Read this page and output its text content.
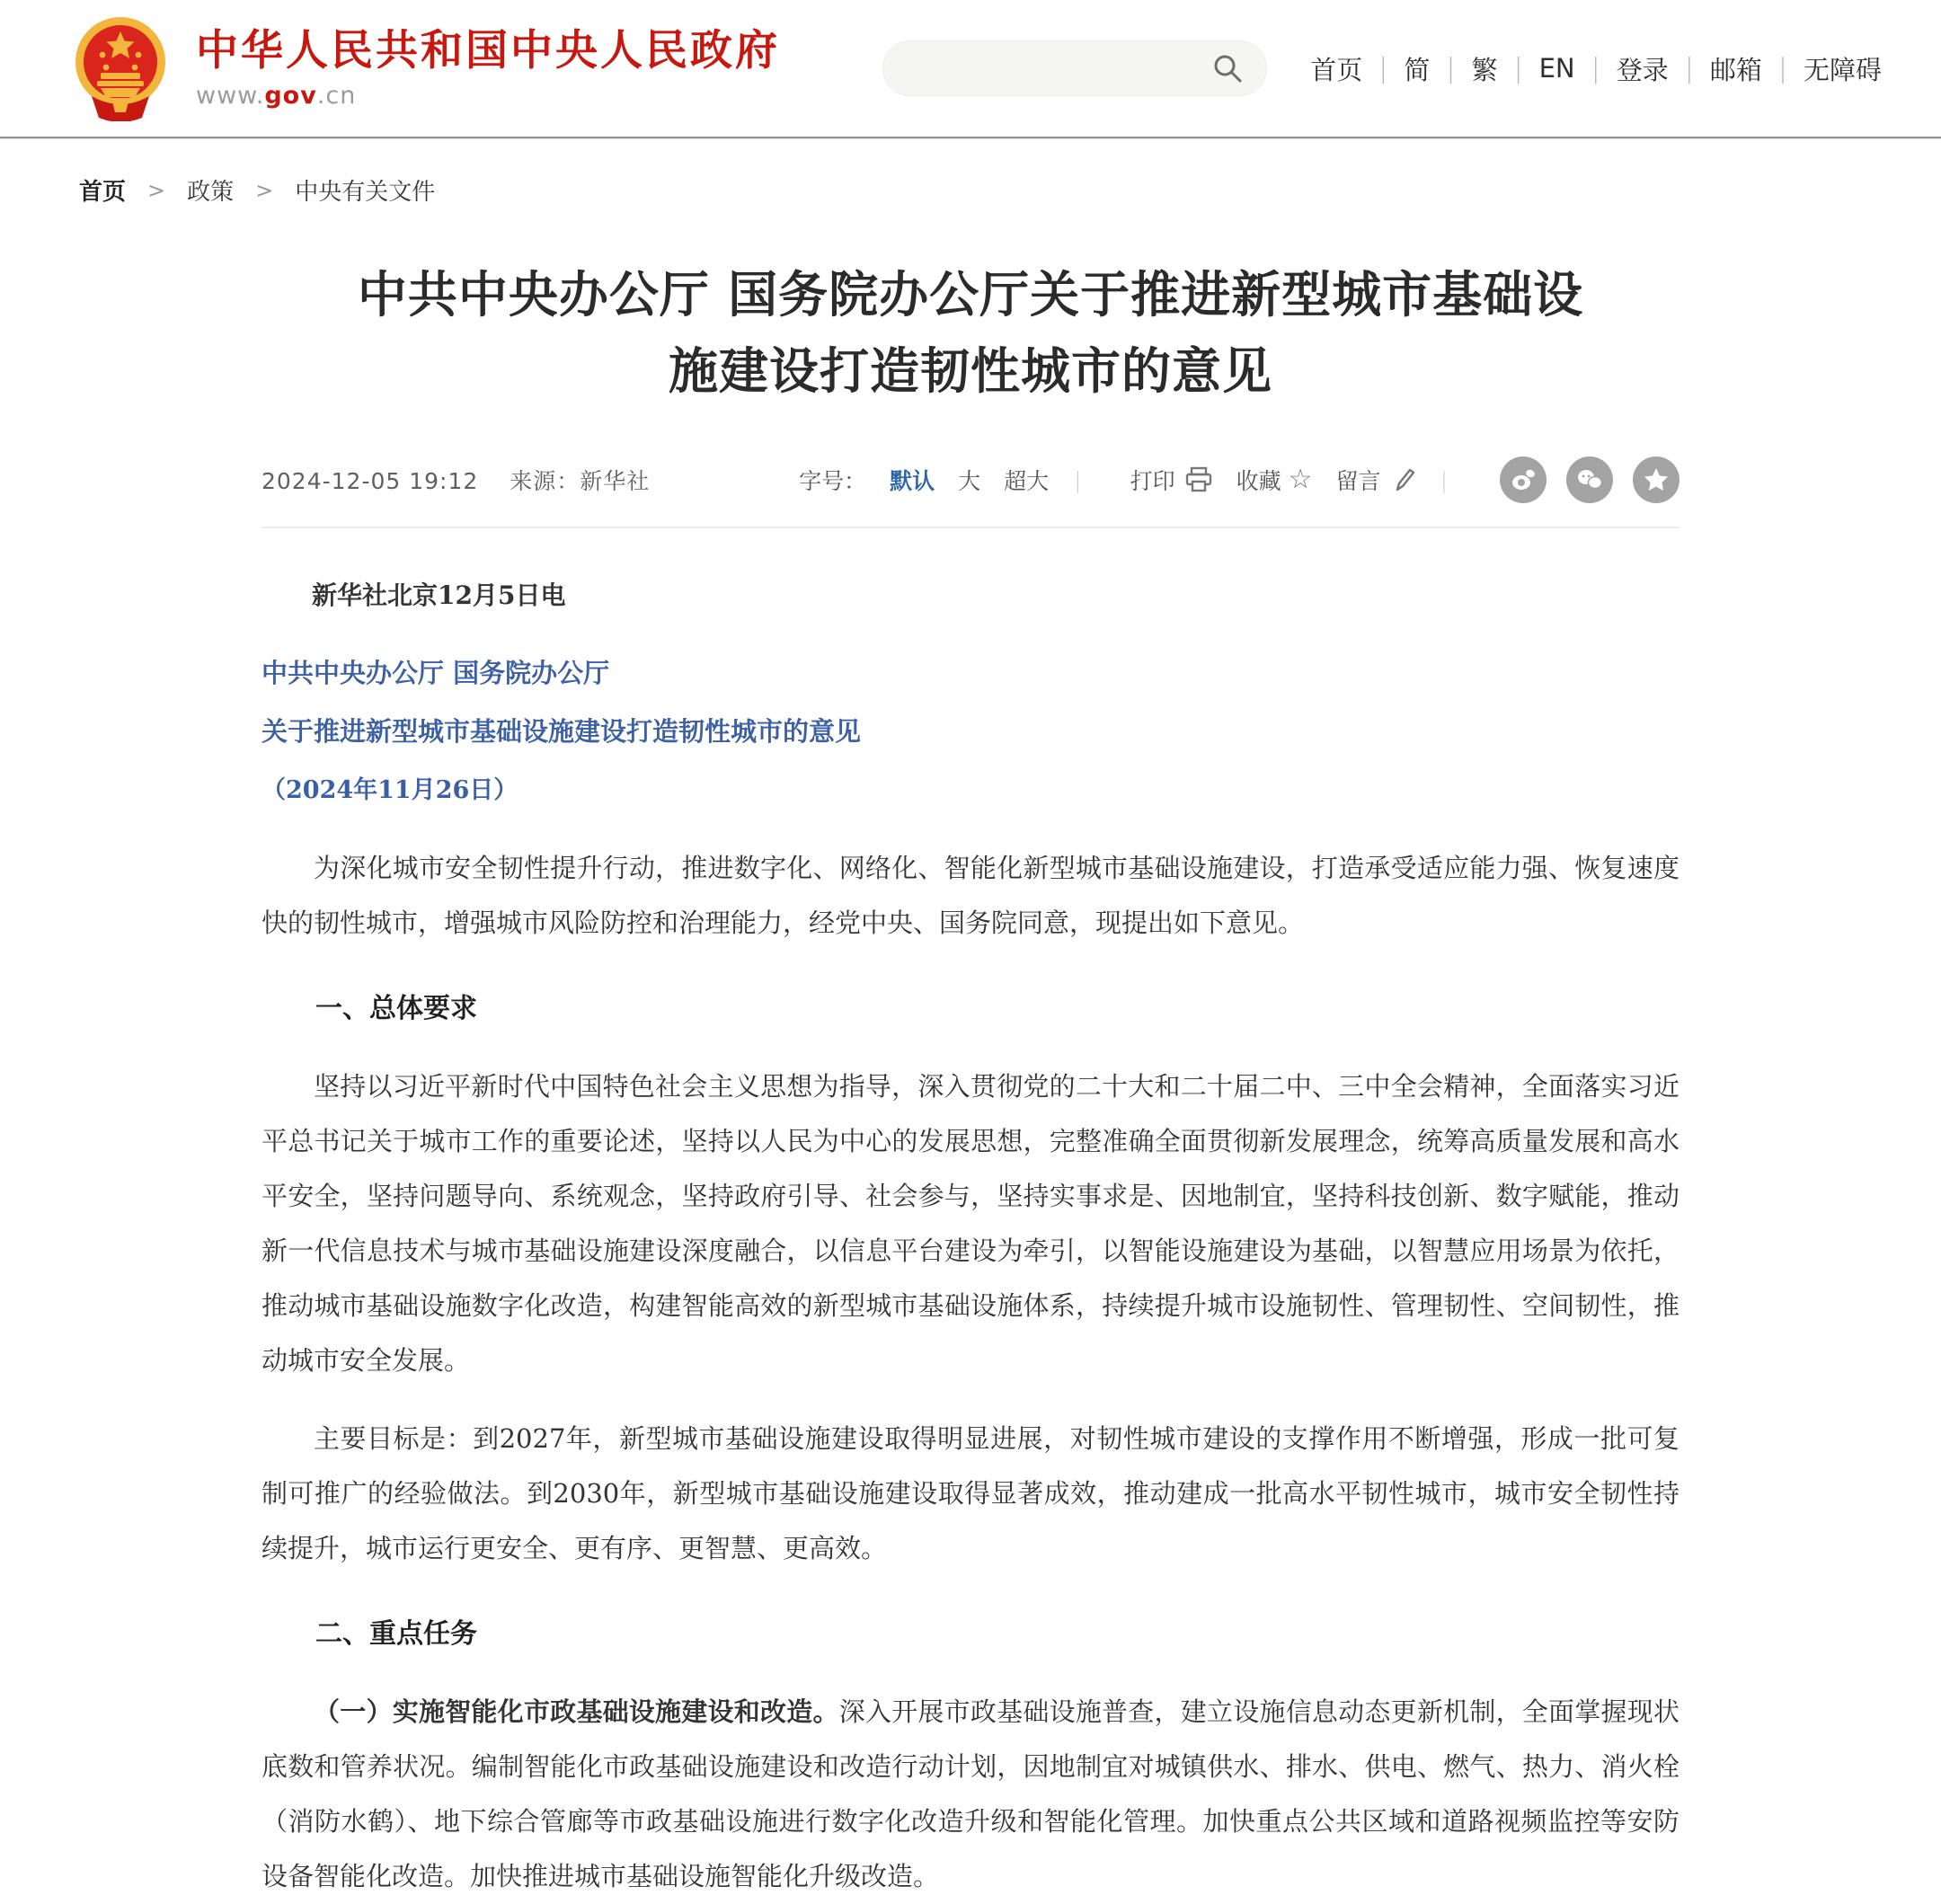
中华人民共和国中央人民政府
www.gov.cn
首页 | 简 | 繁 | EN | 登录 | 邮箱 | 无障碍
首页 > 政策 > 中央有关文件
中共中央办公厅 国务院办公厅关于推进新型城市基础设施建设打造韧性城市的意见
2024-12-05 19:12 来源：新华社	字号： 默认 大 超大 | 打印	收藏 ☆ 留言	|

新华社北京12月5日电

中共中央办公厅 国务院办公厅

关于推进新型城市基础设施建设打造韧性城市的意见

（2024年11月26日）

为深化城市安全韧性提升行动，推进数字化、网络化、智能化新型城市基础设施建设，打造承受适应能力强、恢复速度快的韧性城市，增强城市风险防控和治理能力，经党中央、国务院同意，现提出如下意见。

一、总体要求

坚持以习近平新时代中国特色社会主义思想为指导，深入贯彻党的二十大和二十届二中、三中全会精神，全面落实习近平总书记关于城市工作的重要论述，坚持以人民为中心的发展思想，完整准确全面贯彻新发展理念，统筹高质量发展和高水平安全，坚持问题导向、系统观念，坚持政府引导、社会参与，坚持实事求是、因地制宜，坚持科技创新、数字赋能，推动新一代信息技术与城市基础设施建设深度融合，以信息平台建设为牵引，以智能设施建设为基础，以智慧应用场景为依托，推动城市基础设施数字化改造，构建智能高效的新型城市基础设施体系，持续提升城市设施韧性、管理韧性、空间韧性，推动城市安全发展。

主要目标是：到2027年，新型城市基础设施建设取得明显进展，对韧性城市建设的支撑作用不断增强，形成一批可复制可推广的经验做法。到2030年，新型城市基础设施建设取得显著成效，推动建成一批高水平韧性城市，城市安全韧性持续提升，城市运行更安全、更有序、更智慧、更高效。

二、重点任务

（一）实施智能化市政基础设施建设和改造。深入开展市政基础设施普查，建立设施信息动态更新机制，全面掌握现状底数和管养状况。编制智能化市政基础设施建设和改造行动计划，因地制宜对城镇供水、排水、供电、燃气、热力、消火栓（消防水鹤）、地下综合管廊等市政基础设施进行数字化改造升级和智能化管理。加快重点公共区域和道路视频监控等安防设备智能化改造。加快推进城市基础设施智能化升级改造。
